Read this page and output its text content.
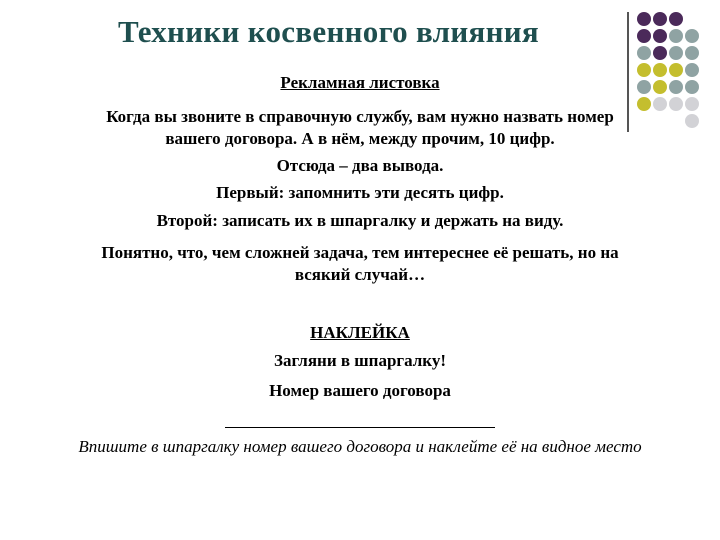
Техники косвенного влияния
Рекламная листовка
Когда вы звоните в справочную службу, вам нужно назвать номер
вашего договора. А в нём, между прочим, 10 цифр.
Отсюда – два вывода.
Первый: запомнить эти десять цифр.
Второй: записать их в шпаргалку и держать на виду.
Понятно, что, чем сложней задача, тем интереснее её решать, но на
всякий случай…
НАКЛЕЙКА
Загляни в шпаргалку!
Номер вашего договора
Впишите в шпаргалку номер вашего договора и наклейте её на видное место
